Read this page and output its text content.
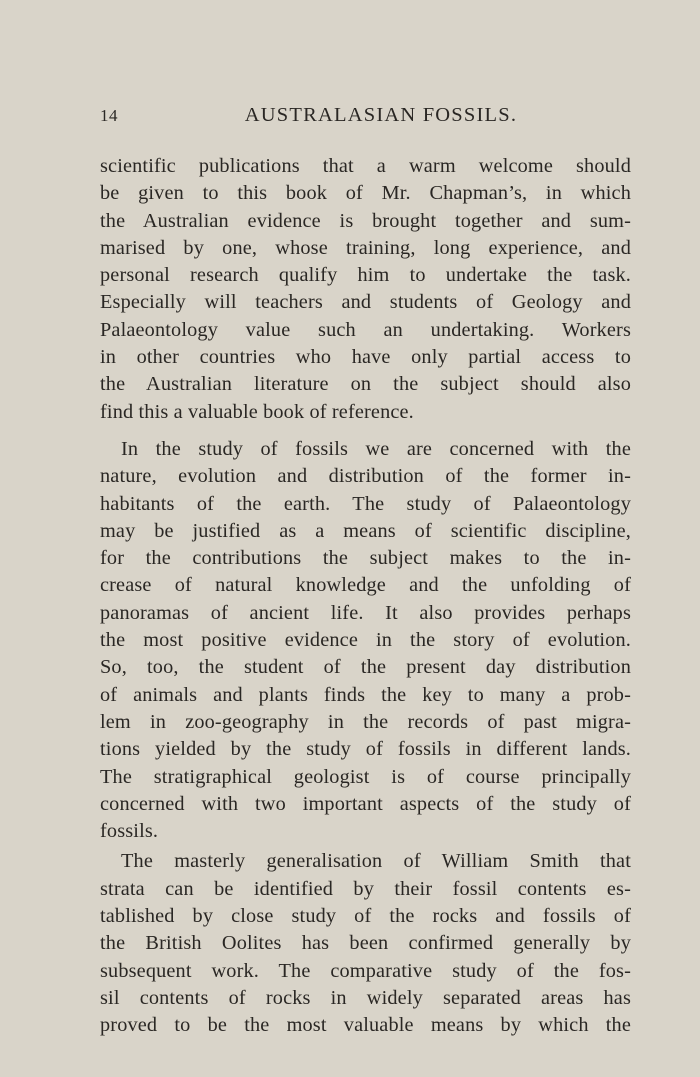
14	AUSTRALASIAN FOSSILS.

scientific publications that a warm welcome should

be given to this book of Mr. Chapman’s, in which

the Australian evidence is brought together and sum-

marised by one, whose training, long experience, and

personal research qualify him to undertake the task.

Especially will teachers and students of Geology and

Palaeontology value such an undertaking. Workers

in other countries who have only partial access to

the Australian literature on the subject should also

find this a valuable book of reference.

In the study of fossils we are concerned with the

nature, evolution and distribution of the former in-

habitants of the earth. The study of Palaeontology

may be justified as a means of scientific discipline,

for the contributions the subject makes to the in-

crease of natural knowledge and the unfolding of

panoramas of ancient life. It also provides perhaps

the most positive evidence in the story of evolution.

So, too, the student of the present day distribution

of animals and plants finds the key to many a prob-

lem in zoo-geography in the records of past migra-

tions yielded by the study of fossils in different lands.

The stratigraphical geologist is of course principally

concerned with two important aspects of the study of

fossils.

The masterly generalisation of William Smith that

strata can be identified by their fossil contents es-

tablished by close study of the rocks and fossils of

the British Oolites has been confirmed generally by

subsequent work. The comparative study of the fos-

sil contents of rocks in widely separated areas has

proved to be the most valuable means by which the
